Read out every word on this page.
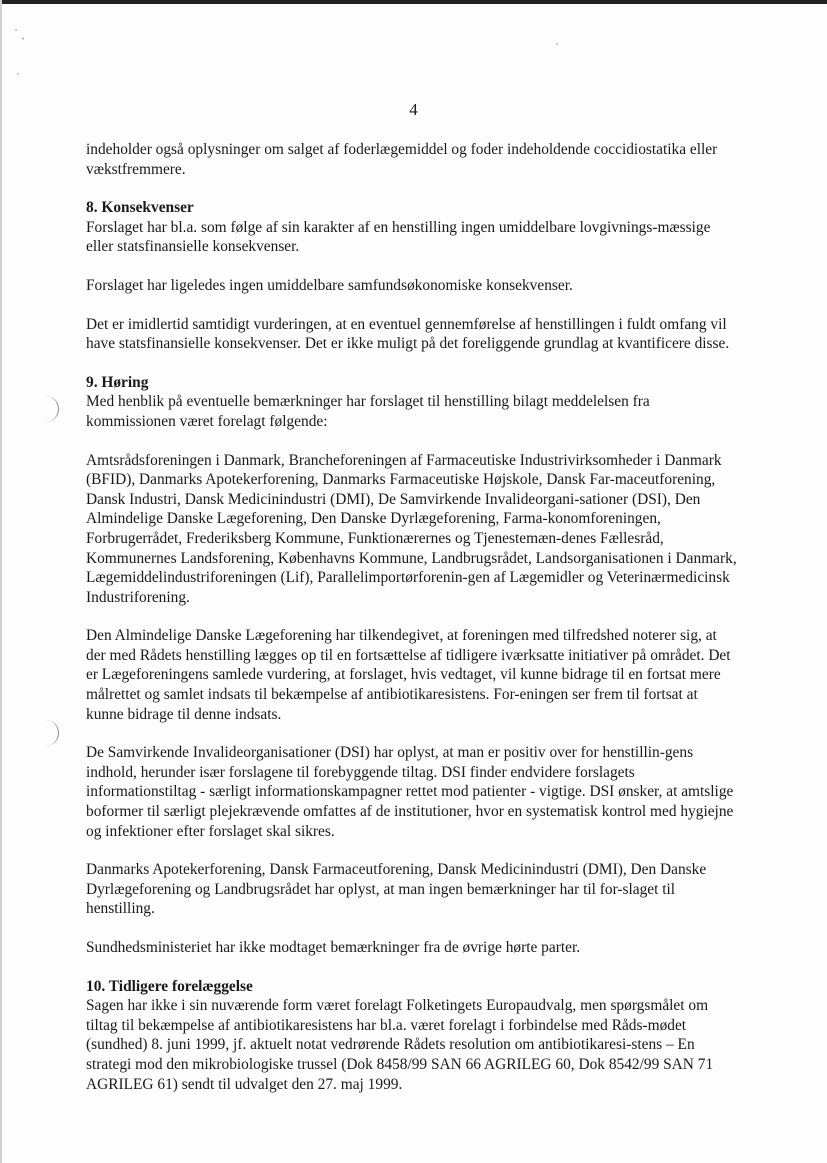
˙ ˎ
˙
˙
4

indeholder også oplysninger om salget af foderlægemiddel og foder indeholdende coccidiostatika eller vækstfremmere.

8. Konsekvenser

Forslaget har bl.a. som følge af sin karakter af en henstilling ingen umiddelbare lovgivnings-mæssige eller statsfinansielle konsekvenser.

Forslaget har ligeledes ingen umiddelbare samfundsøkonomiske konsekvenser.

Det er imidlertid samtidigt vurderingen, at en eventuel gennemførelse af henstillingen i fuldt omfang vil have statsfinansielle konsekvenser. Det er ikke muligt på det foreliggende grundlag at kvantificere disse.

9. Høring

Med henblik på eventuelle bemærkninger har forslaget til henstilling bilagt meddelelsen fra kommissionen været forelagt følgende:

Amtsrådsforeningen i Danmark, Brancheforeningen af Farmaceutiske Industrivirksomheder i Danmark (BFID), Danmarks Apotekerforening, Danmarks Farmaceutiske Højskole, Dansk Far-maceutforening, Dansk Industri, Dansk Medicinindustri (DMI), De Samvirkende Invalideorgani-sationer (DSI), Den Almindelige Danske Lægeforening, Den Danske Dyrlægeforening, Farma-konomforeningen, Forbrugerrådet, Frederiksberg Kommune, Funktionærernes og Tjenestemæn-denes Fællesråd, Kommunernes Landsforening, Københavns Kommune, Landbrugsrådet, Landsorganisationen i Danmark, Lægemiddelindustriforeningen (Lif), Parallelimportørforenin-gen af Lægemidler og Veterinærmedicinsk Industriforening.

Den Almindelige Danske Lægeforening har tilkendegivet, at foreningen med tilfredshed noterer sig, at der med Rådets henstilling lægges op til en fortsættelse af tidligere iværksatte initiativer på området. Det er Lægeforeningens samlede vurdering, at forslaget, hvis vedtaget, vil kunne bidrage til en fortsat mere målrettet og samlet indsats til bekæmpelse af antibiotikaresistens. For-eningen ser frem til fortsat at kunne bidrage til denne indsats.

De Samvirkende Invalideorganisationer (DSI) har oplyst, at man er positiv over for henstillin-gens indhold, herunder især forslagene til forebyggende tiltag. DSI finder endvidere forslagets informationstiltag - særligt informationskampagner rettet mod patienter - vigtige. DSI ønsker, at amtslige boformer til særligt plejekrævende omfattes af de institutioner, hvor en systematisk kontrol med hygiejne og infektioner efter forslaget skal sikres.

Danmarks Apotekerforening, Dansk Farmaceutforening, Dansk Medicinindustri (DMI), Den Danske Dyrlægeforening og Landbrugsrådet har oplyst, at man ingen bemærkninger har til for-slaget til henstilling.

Sundhedsministeriet har ikke modtaget bemærkninger fra de øvrige hørte parter.

10. Tidligere forelæggelse

Sagen har ikke i sin nuværende form været forelagt Folketingets Europaudvalg, men spørgsmålet om tiltag til bekæmpelse af antibiotikaresistens har bl.a. været forelagt i forbindelse med Råds-mødet (sundhed) 8. juni 1999, jf. aktuelt notat vedrørende Rådets resolution om antibiotikaresi-stens – En strategi mod den mikrobiologiske trussel (Dok 8458/99 SAN 66 AGRILEG 60, Dok 8542/99 SAN 71 AGRILEG 61) sendt til udvalget den 27. maj 1999.
